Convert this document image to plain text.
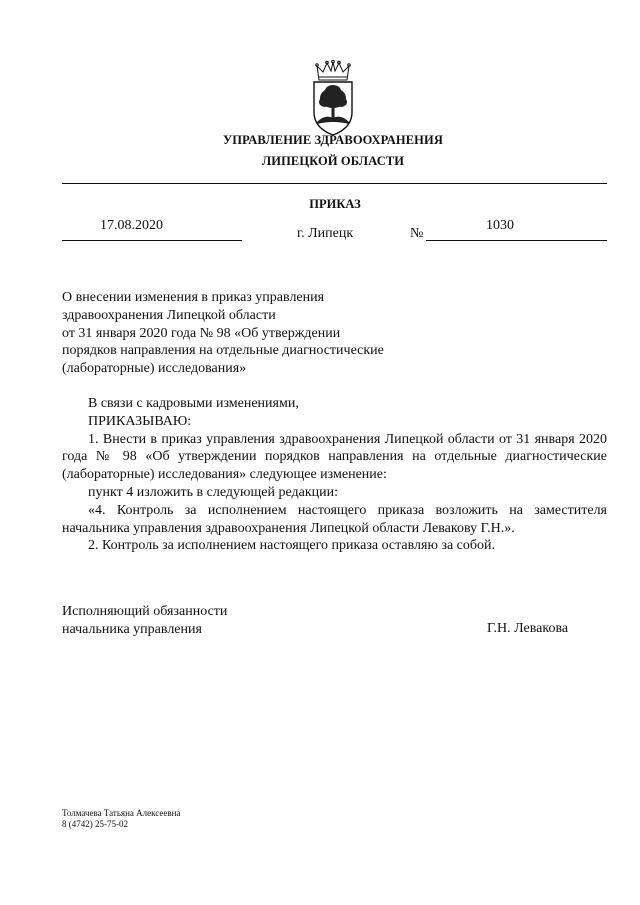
УПРАВЛЕНИЕ ЗДРАВООХРАНЕНИЯ
ЛИПЕЦКОЙ ОБЛАСТИ
ПРИКАЗ
17.08.2020
г. Липецк	№
1030
О внесении изменения в приказ управления
здравоохранения Липецкой области
от 31 января 2020 года № 98 «Об утверждении
порядков направления на отдельные диагностические
(лабораторные) исследования»
В связи с кадровыми изменениями,
ПРИКАЗЫВАЮ:
1. Внести в приказ управления здравоохранения Липецкой области от 31 января 2020 года № 98 «Об утверждении порядков направления на отдельные диагностические (лабораторные) исследования» следующее изменение:
пункт 4 изложить в следующей редакции:
«4. Контроль за исполнением настоящего приказа возложить на заместителя начальника управления здравоохранения Липецкой области Левакову Г.Н.».
2. Контроль за исполнением настоящего приказа оставляю за собой.
Исполняющий обязанности
начальника управления	Г.Н. Левакова
Толмачева Татьяна Алексеевна
8 (4742) 25-75-02
